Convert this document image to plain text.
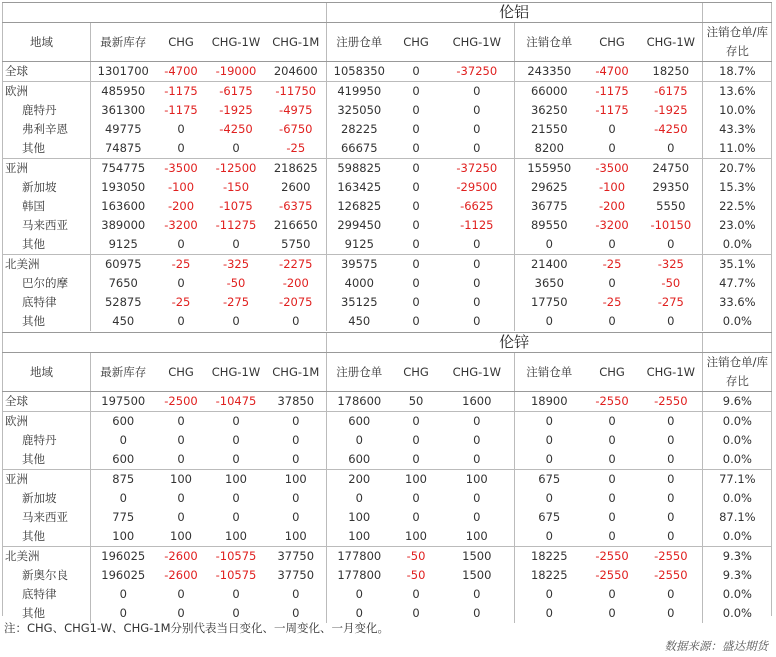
					伦铝						
地域	最新库存	CHG	CHG-1W	CHG-1M	注册仓单	CHG	CHG-1W	注销仓单	CHG	CHG-1W	注销仓单/库存比
全球	1301700	-4700	-19000	204600	1058350	0	-37250	243350	-4700	18250	18.7%
欧洲	485950	-1175	-6175	-11750	419950	0	0	66000	-1175	-6175	13.6%
鹿特丹	361300	-1175	-1925	-4975	325050	0	0	36250	-1175	-1925	10.0%
弗利辛恩	49775	0	-4250	-6750	28225	0	0	21550	0	-4250	43.3%
其他	74875	0	0	-25	66675	0	0	8200	0	0	11.0%
亚洲	754775	-3500	-12500	218625	598825	0	-37250	155950	-3500	24750	20.7%
新加坡	193050	-100	-150	2600	163425	0	-29500	29625	-100	29350	15.3%
韩国	163600	-200	-1075	-6375	126825	0	-6625	36775	-200	5550	22.5%
马来西亚	389000	-3200	-11275	216650	299450	0	-1125	89550	-3200	-10150	23.0%
其他	9125	0	0	5750	9125	0	0	0	0	0	0.0%
北美洲	60975	-25	-325	-2275	39575	0	0	21400	-25	-325	35.1%
巴尔的摩	7650	0	-50	-200	4000	0	0	3650	0	-50	47.7%
底特律	52875	-25	-275	-2075	35125	0	0	17750	-25	-275	33.6%
其他	450	0	0	0	450	0	0	0	0	0	0.0%
					伦锌						
地域	最新库存	CHG	CHG-1W	CHG-1M	注册仓单	CHG	CHG-1W	注销仓单	CHG	CHG-1W	注销仓单/库存比
全球	197500	-2500	-10475	37850	178600	50	1600	18900	-2550	-2550	9.6%
欧洲	600	0	0	0	600	0	0	0	0	0	0.0%
鹿特丹	0	0	0	0	0	0	0	0	0	0	0.0%
其他	600	0	0	0	600	0	0	0	0	0	0.0%
亚洲	875	100	100	100	200	100	100	675	0	0	77.1%
新加坡	0	0	0	0	0	0	0	0	0	0	0.0%
马来西亚	775	0	0	0	100	0	0	675	0	0	87.1%
其他	100	100	100	100	100	100	100	0	0	0	0.0%
北美洲	196025	-2600	-10575	37750	177800	-50	1500	18225	-2550	-2550	9.3%
新奥尔良	196025	-2600	-10575	37750	177800	-50	1500	18225	-2550	-2550	9.3%
底特律	0	0	0	0	0	0	0	0	0	0	0.0%
其他	0	0	0	0	0	0	0	0	0	0	0.0%
注：CHG、CHG1-W、CHG-1M分别代表当日变化、一周变化、一月变化。
数据来源：盛达期货
